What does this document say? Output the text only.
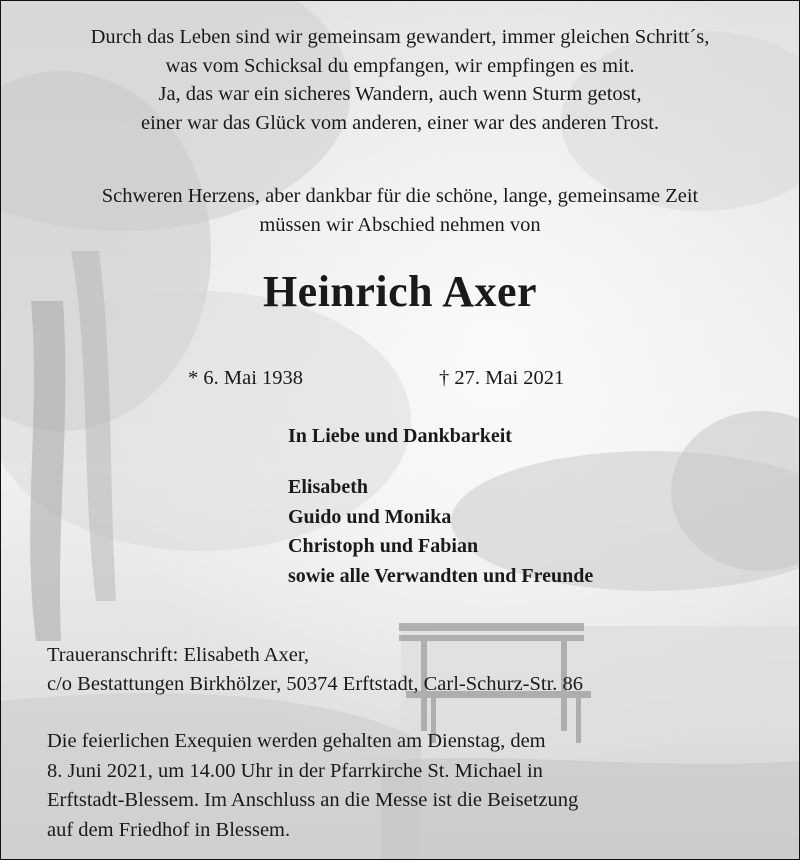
Durch das Leben sind wir gemeinsam gewandert, immer gleichen Schritt´s,
was vom Schicksal du empfangen, wir empfingen es mit.
Ja, das war ein sicheres Wandern, auch wenn Sturm getost,
einer war das Glück vom anderen, einer war des anderen Trost.
Schweren Herzens, aber dankbar für die schöne, lange, gemeinsame Zeit
müssen wir Abschied nehmen von
Heinrich Axer
* 6. Mai 1938	† 27. Mai 2021
In Liebe und Dankbarkeit
Elisabeth
Guido und Monika
Christoph und Fabian
sowie alle Verwandten und Freunde
Traueranschrift: Elisabeth Axer,
c/o Bestattungen Birkhölzer, 50374 Erftstadt, Carl-Schurz-Str. 86
Die feierlichen Exequien werden gehalten am Dienstag, dem
8. Juni 2021, um 14.00 Uhr in der Pfarrkirche St. Michael in
Erftstadt-Blessem. Im Anschluss an die Messe ist die Beisetzung
auf dem Friedhof in Blessem.
